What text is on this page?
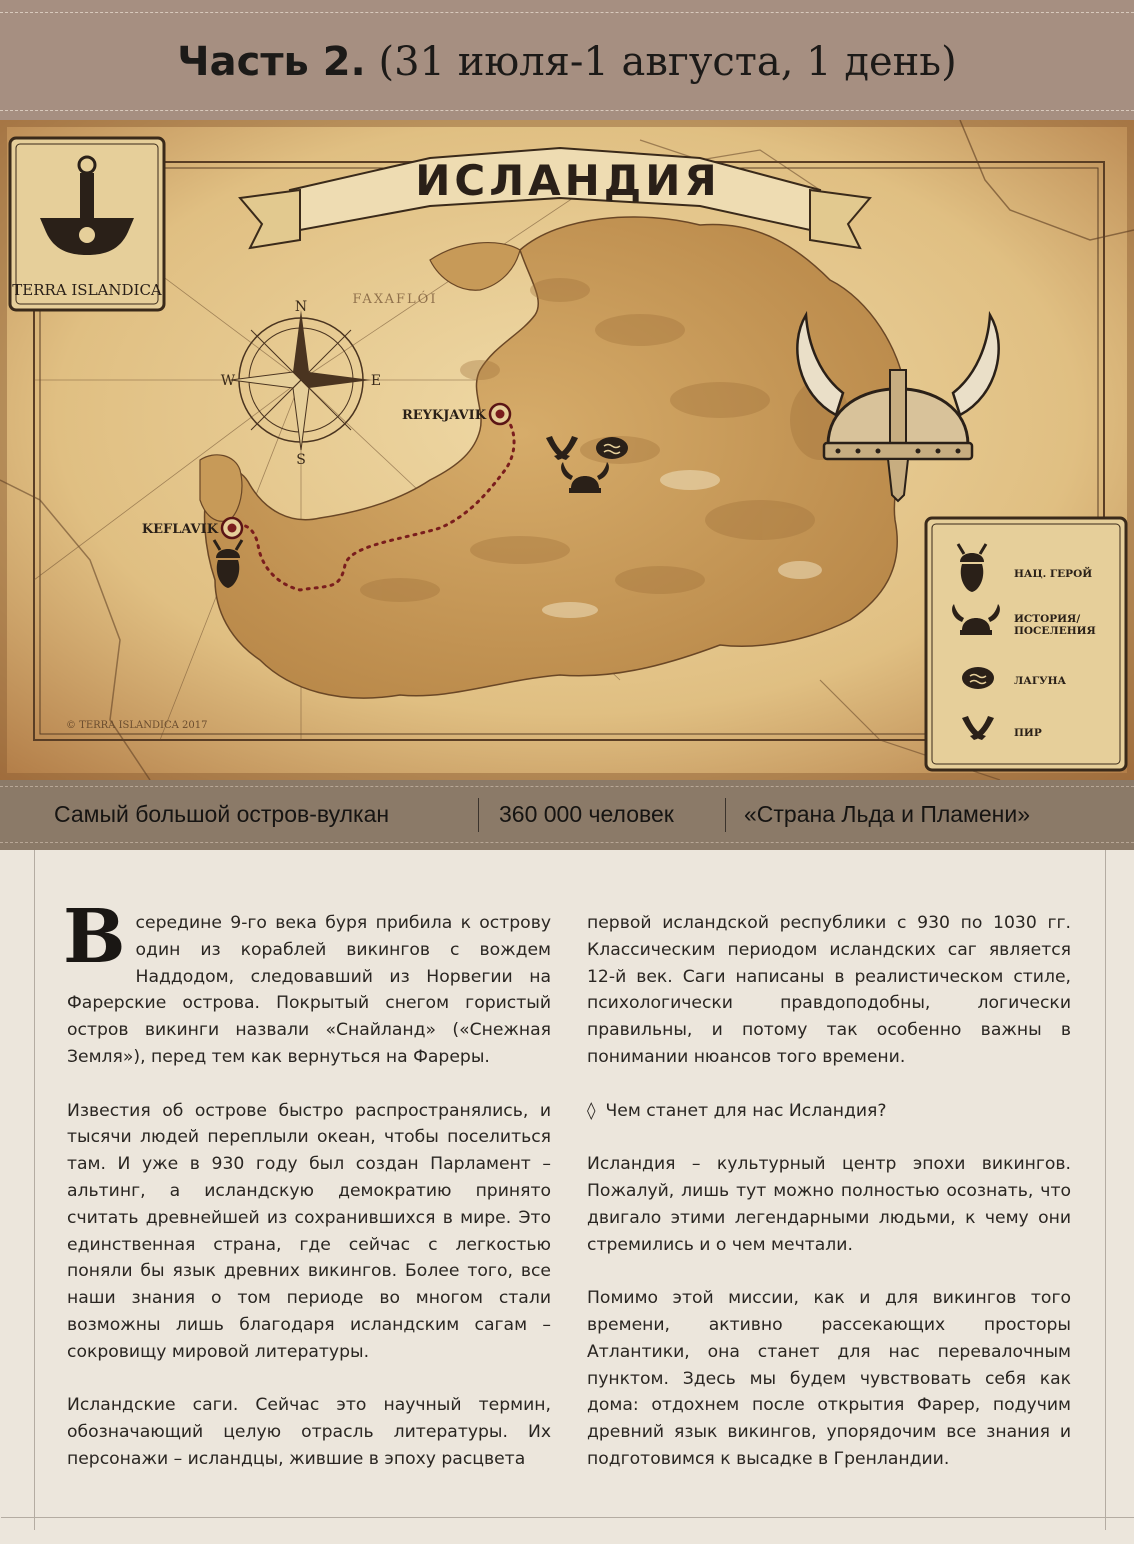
Часть 2. (31 июля-1 августа, 1 день)
ИСЛАНДИЯ
TERRA ISLANDICA
N
S
W	E
FAXAFLÓI
REYKJAVIK
KEFLAVIK
НАЦ. ГЕРОЙ
ИСТОРИЯ/
ПОСЕЛЕНИЯ
ЛАГУНА
ПИР
© TERRA ISLANDICA 2017
Самый большой остров-вулкан	360 000 человек	«Страна Льда и Пламени»

Всередине 9-го века буря прибила к острову один из кораблей викингов с вождем Наддодом, следовавший из Норвегии на Фарерские острова. Покрытый снегом гористый остров викинги назвали «Снайланд» («Снежная Земля»), перед тем как вернуться на Фареры.

Известия об острове быстро распространялись, и тысячи людей переплыли океан, чтобы поселиться там. И уже в 930 году был создан Парламент – альтинг, а исландскую демократию принято считать древнейшей из сохранившихся в мире. Это единственная страна, где сейчас с легкостью поняли бы язык древних викингов. Более того, все наши знания о том периоде во многом стали возможны лишь благодаря исландским сагам – сокровищу мировой литературы.

Исландские саги. Сейчас это научный термин, обозначающий целую отрасль литературы. Их персонажи – исландцы, жившие в эпоху расцвета

первой исландской республики с 930 по 1030 гг. Классическим периодом исландских саг является 12-й век. Саги написаны в реалистическом стиле, психологически правдоподобны, логически правильны, и потому так особенно важны в понимании нюансов того времени.

◊ Чем станет для нас Исландия?

Исландия – культурный центр эпохи викингов. Пожалуй, лишь тут можно полностью осознать, что двигало этими легендарными людьми, к чему они стремились и о чем мечтали.

Помимо этой миссии, как и для викингов того времени, активно рассекающих просторы Атлантики, она станет для нас перевалочным пунктом. Здесь мы будем чувствовать себя как дома: отдохнем после открытия Фарер, подучим древний язык викингов, упорядочим все знания и подготовимся к высадке в Гренландии.
